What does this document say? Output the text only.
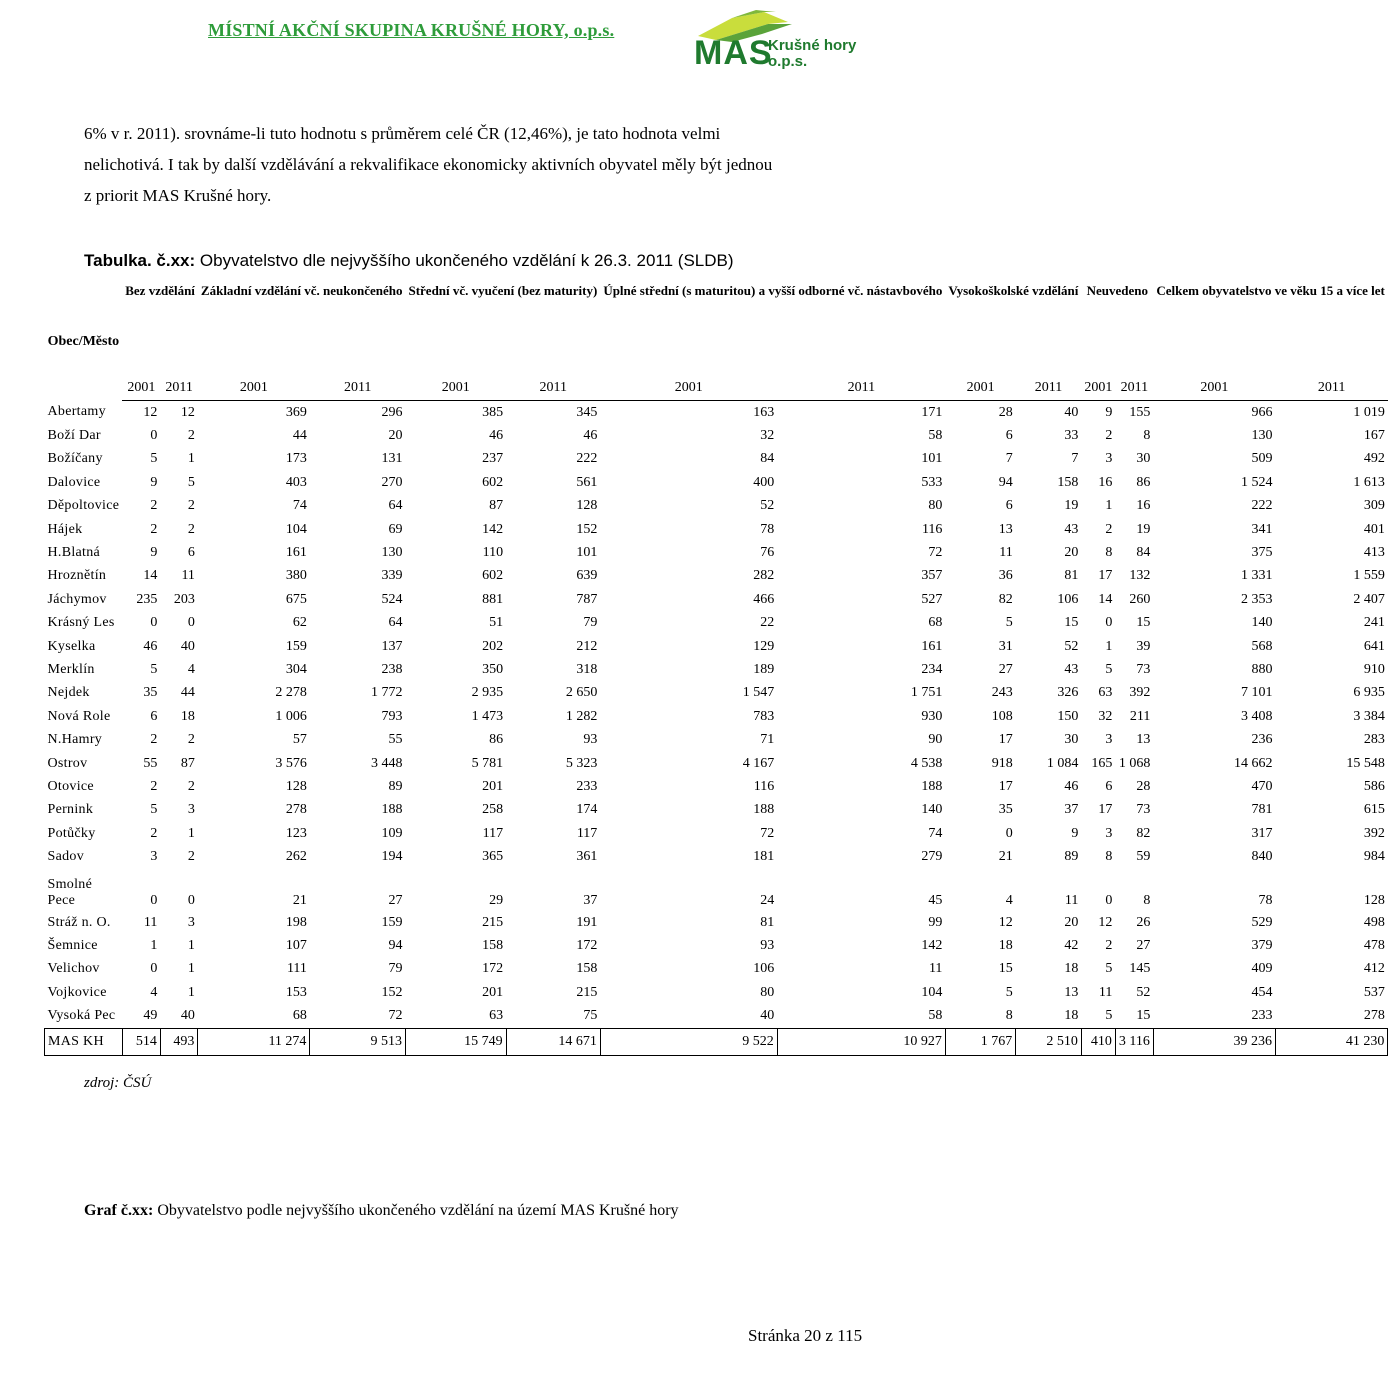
MÍSTNÍ AKČNÍ SKUPINA KRUŠNÉ HORY, o.p.s.
MAS
Krušné hory
o.p.s.

6% v r. 2011). srovnáme-li tuto hodnotu s průměrem celé ČR (12,46%), je tato hodnota velmi

nelichotivá. I tak by další vzdělávání a rekvalifikace ekonomicky aktivních obyvatel měly být jednou

z priorit MAS Krušné hory.

Tabulka. č.xx: Obyvatelstvo dle nejvyššího ukončeného vzdělání k 26.3. 2011 (SLDB)
Obec/Město	Bez vzdělání		Základní vzdělání vč. neukončeného		Střední vč. vyučení (bez maturity)		Úplné střední (s maturitou) a vyšší odborné vč. nástavbového		Vysokoškolské vzdělání		Neuvedeno		Celkem obyvatelstvo ve věku 15 a více let	
	2001	2011	2001	2011	2001	2011	2001	2011	2001	2011	2001	2011	2001	2011
Abertamy	12	12	369	296	385	345	163	171	28	40	9	155	966	1 019
Boží Dar	0	2	44	20	46	46	32	58	6	33	2	8	130	167
Božíčany	5	1	173	131	237	222	84	101	7	7	3	30	509	492
Dalovice	9	5	403	270	602	561	400	533	94	158	16	86	1 524	1 613
Děpoltovice	2	2	74	64	87	128	52	80	6	19	1	16	222	309
Hájek	2	2	104	69	142	152	78	116	13	43	2	19	341	401
H.Blatná	9	6	161	130	110	101	76	72	11	20	8	84	375	413
Hroznětín	14	11	380	339	602	639	282	357	36	81	17	132	1 331	1 559
Jáchymov	235	203	675	524	881	787	466	527	82	106	14	260	2 353	2 407
Krásný Les	0	0	62	64	51	79	22	68	5	15	0	15	140	241
Kyselka	46	40	159	137	202	212	129	161	31	52	1	39	568	641
Merklín	5	4	304	238	350	318	189	234	27	43	5	73	880	910
Nejdek	35	44	2 278	1 772	2 935	2 650	1 547	1 751	243	326	63	392	7 101	6 935
Nová Role	6	18	1 006	793	1 473	1 282	783	930	108	150	32	211	3 408	3 384
N.Hamry	2	2	57	55	86	93	71	90	17	30	3	13	236	283
Ostrov	55	87	3 576	3 448	5 781	5 323	4 167	4 538	918	1 084	165	1 068	14 662	15 548
Otovice	2	2	128	89	201	233	116	188	17	46	6	28	470	586
Pernink	5	3	278	188	258	174	188	140	35	37	17	73	781	615
Potůčky	2	1	123	109	117	117	72	74	0	9	3	82	317	392
Sadov	3	2	262	194	365	361	181	279	21	89	8	59	840	984
Smolné Pece	0	0	21	27	29	37	24	45	4	11	0	8	78	128
Stráž n. O.	11	3	198	159	215	191	81	99	12	20	12	26	529	498
Šemnice	1	1	107	94	158	172	93	142	18	42	2	27	379	478
Velichov	0	1	111	79	172	158	106	11	15	18	5	145	409	412
Vojkovice	4	1	153	152	201	215	80	104	5	13	11	52	454	537
Vysoká Pec	49	40	68	72	63	75	40	58	8	18	5	15	233	278
MAS KH	514	493	11 274	9 513	15 749	14 671	9 522	10 927	1 767	2 510	410	3 116	39 236	41 230
zdroj: ČSÚ
Graf č.xx: Obyvatelstvo podle nejvyššího ukončeného vzdělání na území MAS Krušné hory
Stránka 20 z 115
